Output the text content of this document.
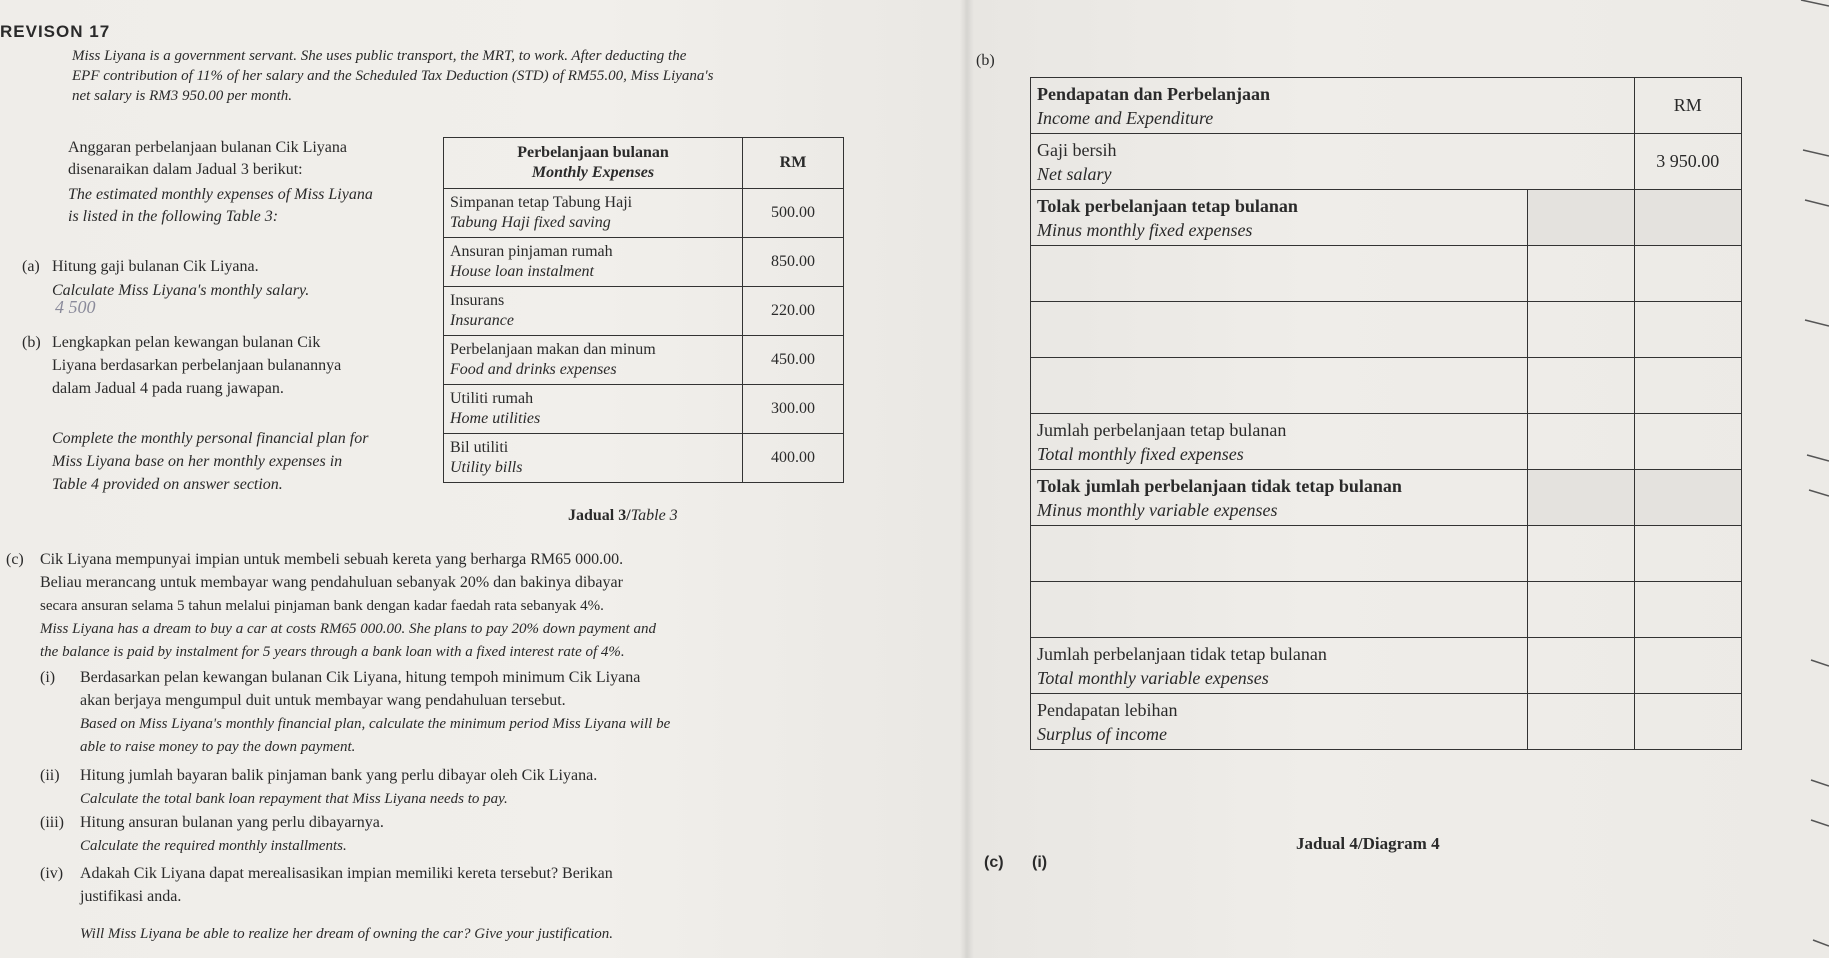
REVISON 17
Miss Liyana is a government servant. She uses public transport, the MRT, to work. After deducting the
EPF contribution of 11% of her salary and the Scheduled Tax Deduction (STD) of RM55.00, Miss Liyana's
net salary is RM3 950.00 per month.
Anggaran perbelanjaan bulanan Cik Liyana
disenaraikan dalam Jadual 3 berikut:
The estimated monthly expenses of Miss Liyana
is listed in the following Table 3:
(a) Hitung gaji bulanan Cik Liyana.
Calculate Miss Liyana's monthly salary.
4 500
(b) Lengkapkan pelan kewangan bulanan Cik
Liyana berdasarkan perbelanjaan bulanannya
dalam Jadual 4 pada ruang jawapan.
Complete the monthly personal financial plan for
Miss Liyana base on her monthly expenses in
Table 4 provided on answer section.
Perbelanjaan bulanan
Monthly Expenses	RM

Simpanan tetap Tabung Haji
Tabung Haji fixed saving	500.00

Ansuran pinjaman rumah
House loan instalment	850.00

Insurans
Insurance	220.00

Perbelanjaan makan dan minum
Food and drinks expenses	450.00

Utiliti rumah
Home utilities	300.00

Bil utiliti
Utility bills	400.00
Jadual 3/Table 3
(c) Cik Liyana mempunyai impian untuk membeli sebuah kereta yang berharga RM65 000.00.
Beliau merancang untuk membayar wang pendahuluan sebanyak 20% dan bakinya dibayar
secara ansuran selama 5 tahun melalui pinjaman bank dengan kadar faedah rata sebanyak 4%.
Miss Liyana has a dream to buy a car at costs RM65 000.00. She plans to pay 20% down payment and
the balance is paid by instalment for 5 years through a bank loan with a fixed interest rate of 4%.
(i) Berdasarkan pelan kewangan bulanan Cik Liyana, hitung tempoh minimum Cik Liyana
akan berjaya mengumpul duit untuk membayar wang pendahuluan tersebut.
Based on Miss Liyana's monthly financial plan, calculate the minimum period Miss Liyana will be
able to raise money to pay the down payment.
(ii) Hitung jumlah bayaran balik pinjaman bank yang perlu dibayar oleh Cik Liyana.
Calculate the total bank loan repayment that Miss Liyana needs to pay.
(iii) Hitung ansuran bulanan yang perlu dibayarnya.
Calculate the required monthly installments.
(iv) Adakah Cik Liyana dapat merealisasikan impian memiliki kereta tersebut? Berikan
justifikasi anda.
Will Miss Liyana be able to realize her dream of owning the car? Give your justification.
(b)
Pendapatan dan Perbelanjaan
Income and Expenditure		RM

Gaji bersih
Net salary		3 950.00

Tolak perbelanjaan tetap bulanan
Minus monthly fixed expenses		

Jumlah perbelanjaan tetap bulanan
Total monthly fixed expenses		

Tolak jumlah perbelanjaan tidak tetap bulanan
Minus monthly variable expenses		

Jumlah perbelanjaan tidak tetap bulanan
Total monthly variable expenses		

Pendapatan lebihan
Surplus of income		

Jadual 4/Diagram 4
(c) (i)
